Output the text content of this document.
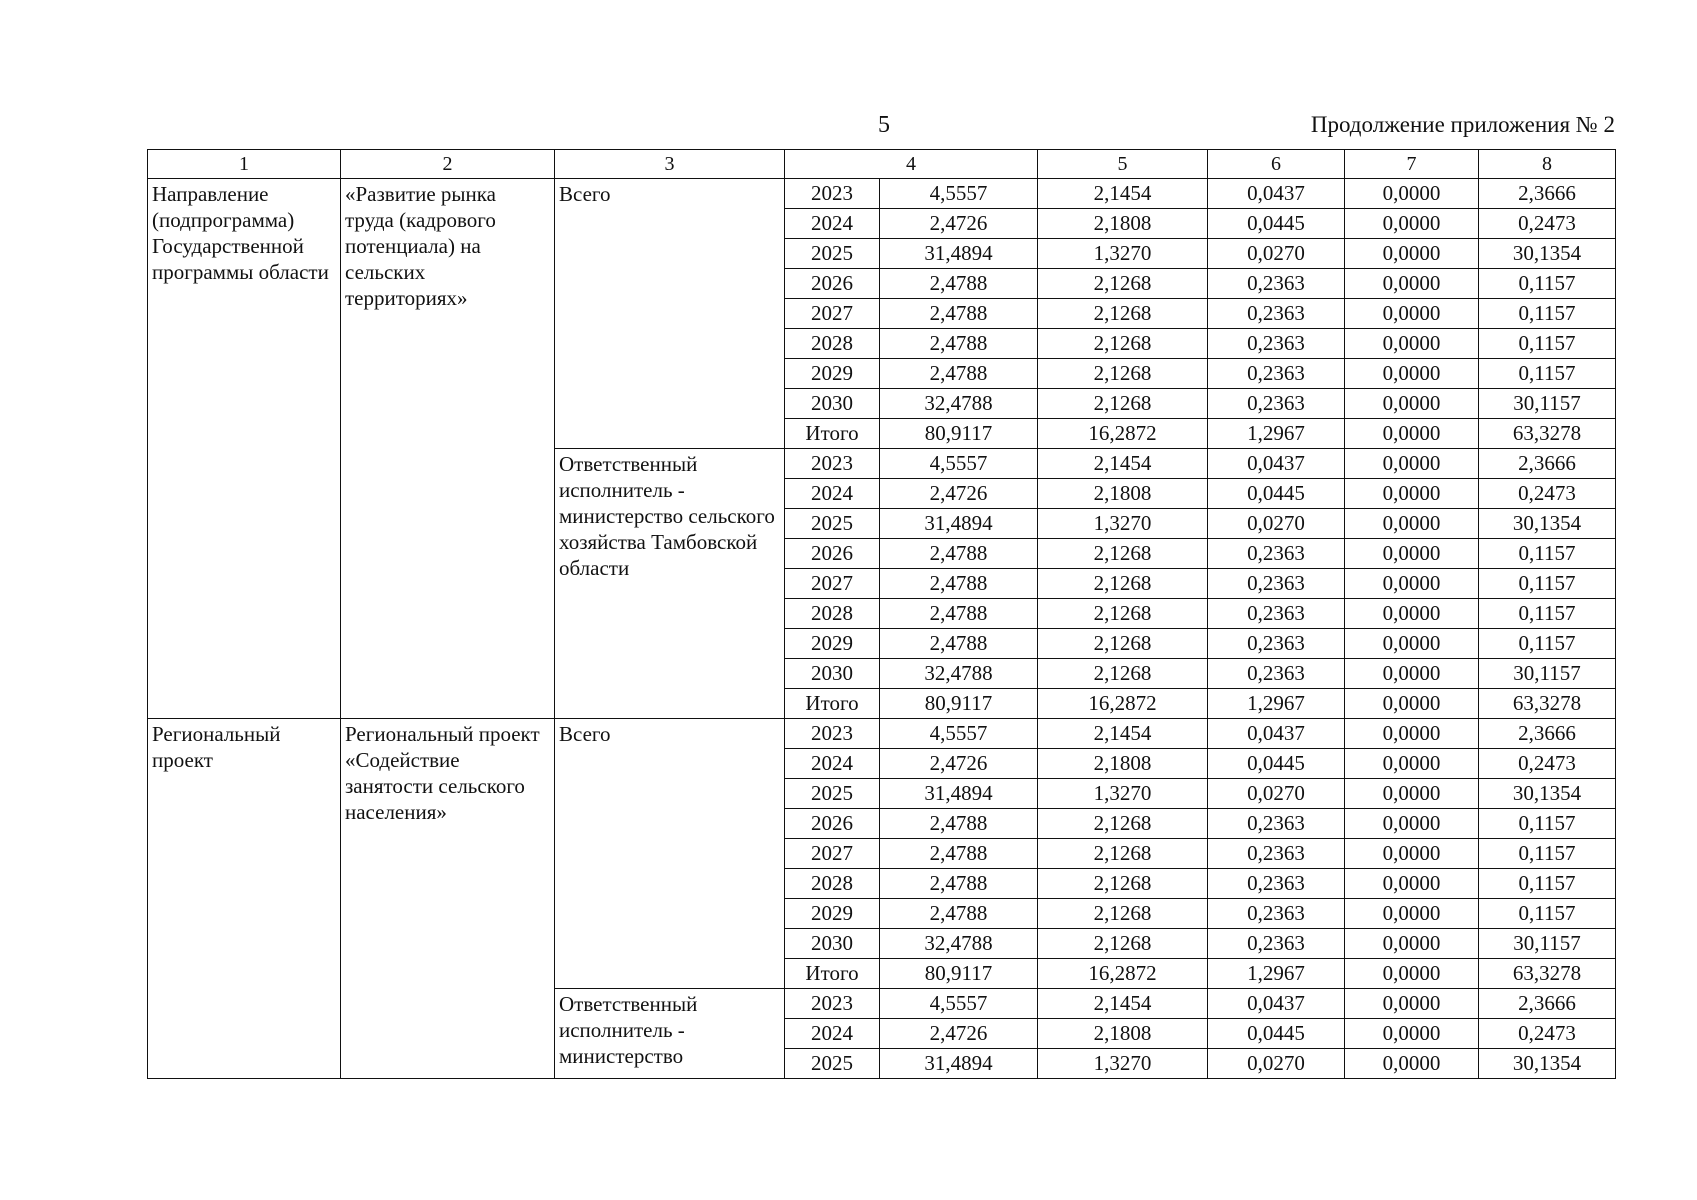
5	Продолжение приложения № 2
1	2	3	4		5	6	7	8
Направление (подпрограмма) Государственной программы области	«Развитие рынка труда (кадрового потенциала) на сельских территориях»	Всего	2023	4,5557	2,1454	0,0437	0,0000	2,3666
			2024	2,4726	2,1808	0,0445	0,0000	0,2473
			2025	31,4894	1,3270	0,0270	0,0000	30,1354
			2026	2,4788	2,1268	0,2363	0,0000	0,1157
			2027	2,4788	2,1268	0,2363	0,0000	0,1157
			2028	2,4788	2,1268	0,2363	0,0000	0,1157
			2029	2,4788	2,1268	0,2363	0,0000	0,1157
			2030	32,4788	2,1268	0,2363	0,0000	30,1157
			Итого	80,9117	16,2872	1,2967	0,0000	63,3278
		Ответственный исполнитель - министерство сельского хозяйства Тамбовской области	2023	4,5557	2,1454	0,0437	0,0000	2,3666
			2024	2,4726	2,1808	0,0445	0,0000	0,2473
			2025	31,4894	1,3270	0,0270	0,0000	30,1354
			2026	2,4788	2,1268	0,2363	0,0000	0,1157
			2027	2,4788	2,1268	0,2363	0,0000	0,1157
			2028	2,4788	2,1268	0,2363	0,0000	0,1157
			2029	2,4788	2,1268	0,2363	0,0000	0,1157
			2030	32,4788	2,1268	0,2363	0,0000	30,1157
			Итого	80,9117	16,2872	1,2967	0,0000	63,3278
Региональный проект	Региональный проект «Содействие занятости сельского населения»	Всего	2023	4,5557	2,1454	0,0437	0,0000	2,3666
			2024	2,4726	2,1808	0,0445	0,0000	0,2473
			2025	31,4894	1,3270	0,0270	0,0000	30,1354
			2026	2,4788	2,1268	0,2363	0,0000	0,1157
			2027	2,4788	2,1268	0,2363	0,0000	0,1157
			2028	2,4788	2,1268	0,2363	0,0000	0,1157
			2029	2,4788	2,1268	0,2363	0,0000	0,1157
			2030	32,4788	2,1268	0,2363	0,0000	30,1157
			Итого	80,9117	16,2872	1,2967	0,0000	63,3278
		Ответственный исполнитель - министерство	2023	4,5557	2,1454	0,0437	0,0000	2,3666
			2024	2,4726	2,1808	0,0445	0,0000	0,2473
			2025	31,4894	1,3270	0,0270	0,0000	30,1354
